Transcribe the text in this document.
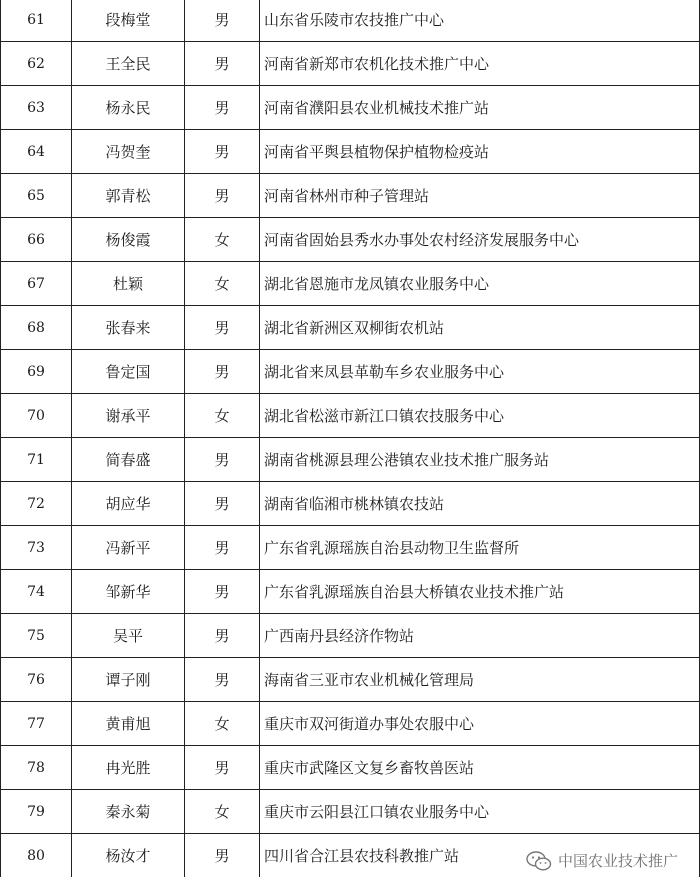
61	段梅堂	男	山东省乐陵市农技推广中心
62	王全民	男	河南省新郑市农机化技术推广中心
63	杨永民	男	河南省濮阳县农业机械技术推广站
64	冯贺奎	男	河南省平舆县植物保护植物检疫站
65	郭青松	男	河南省林州市种子管理站
66	杨俊霞	女	河南省固始县秀水办事处农村经济发展服务中心
67	杜颖	女	湖北省恩施市龙凤镇农业服务中心
68	张春来	男	湖北省新洲区双柳街农机站
69	鲁定国	男	湖北省来凤县革勒车乡农业服务中心
70	谢承平	女	湖北省松滋市新江口镇农技服务中心
71	简春盛	男	湖南省桃源县理公港镇农业技术推广服务站
72	胡应华	男	湖南省临湘市桃林镇农技站
73	冯新平	男	广东省乳源瑶族自治县动物卫生监督所
74	邹新华	男	广东省乳源瑶族自治县大桥镇农业技术推广站
75	吴平	男	广西南丹县经济作物站
76	谭子刚	男	海南省三亚市农业机械化管理局
77	黄甫旭	女	重庆市双河街道办事处农服中心
78	冉光胜	男	重庆市武隆区文复乡畜牧兽医站
79	秦永菊	女	重庆市云阳县江口镇农业服务中心
80	杨汝才	男	四川省合江县农技科教推广站	中国农业技术推广
